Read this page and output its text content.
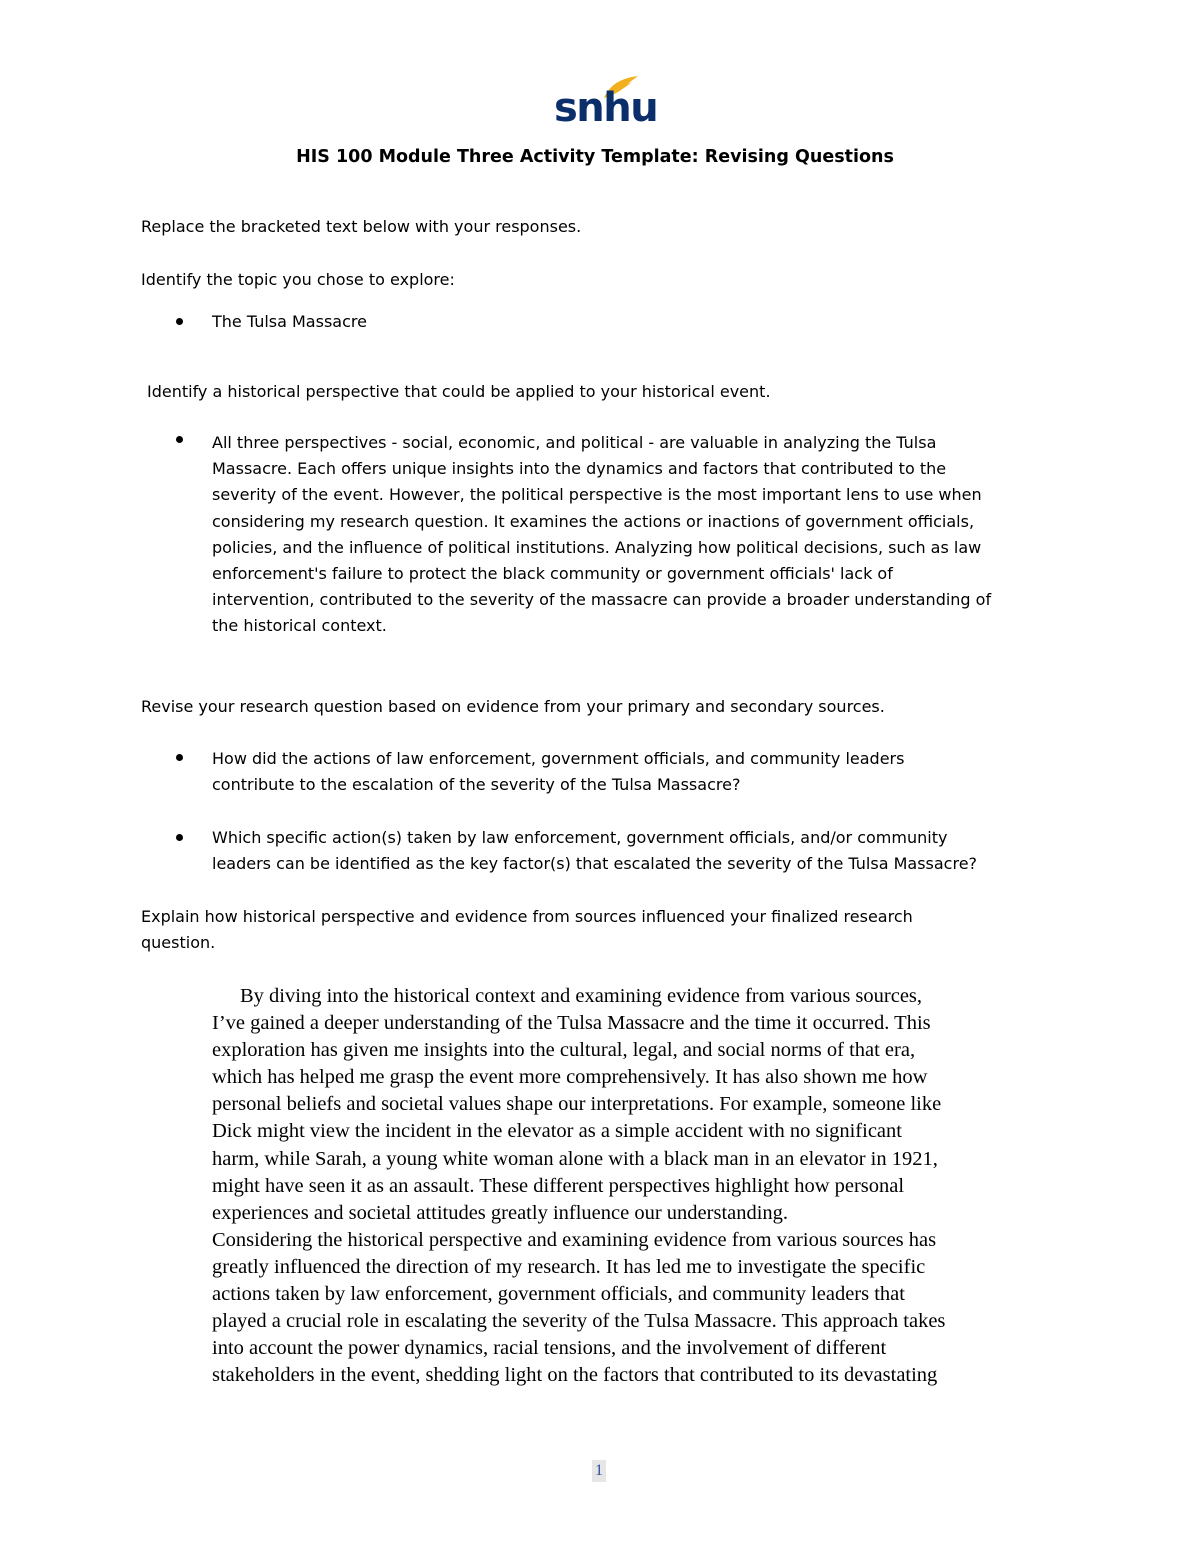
snhu
HIS 100 Module Three Activity Template: Revising Questions
Replace the bracketed text below with your responses.
Identify the topic you chose to explore:
The Tulsa Massacre
Identify a historical perspective that could be applied to your historical event.
All three perspectives - social, economic, and political - are valuable in analyzing the Tulsa
Massacre. Each offers unique insights into the dynamics and factors that contributed to the
severity of the event. However, the political perspective is the most important lens to use when
considering my research question. It examines the actions or inactions of government officials,
policies, and the influence of political institutions. Analyzing how political decisions, such as law
enforcement's failure to protect the black community or government officials' lack of
intervention, contributed to the severity of the massacre can provide a broader understanding of
the historical context.
Revise your research question based on evidence from your primary and secondary sources.
How did the actions of law enforcement, government officials, and community leaders
contribute to the escalation of the severity of the Tulsa Massacre?
Which specific action(s) taken by law enforcement, government officials, and/or community
leaders can be identified as the key factor(s) that escalated the severity of the Tulsa Massacre?
Explain how historical perspective and evidence from sources influenced your finalized research
question.
By diving into the historical context and examining evidence from various sources,
I’ve gained a deeper understanding of the Tulsa Massacre and the time it occurred. This
exploration has given me insights into the cultural, legal, and social norms of that era,
which has helped me grasp the event more comprehensively. It has also shown me how
personal beliefs and societal values shape our interpretations. For example, someone like
Dick might view the incident in the elevator as a simple accident with no significant
harm, while Sarah, a young white woman alone with a black man in an elevator in 1921,
might have seen it as an assault. These different perspectives highlight how personal
experiences and societal attitudes greatly influence our understanding.
Considering the historical perspective and examining evidence from various sources has
greatly influenced the direction of my research. It has led me to investigate the specific
actions taken by law enforcement, government officials, and community leaders that
played a crucial role in escalating the severity of the Tulsa Massacre. This approach takes
into account the power dynamics, racial tensions, and the involvement of different
stakeholders in the event, shedding light on the factors that contributed to its devastating
1
